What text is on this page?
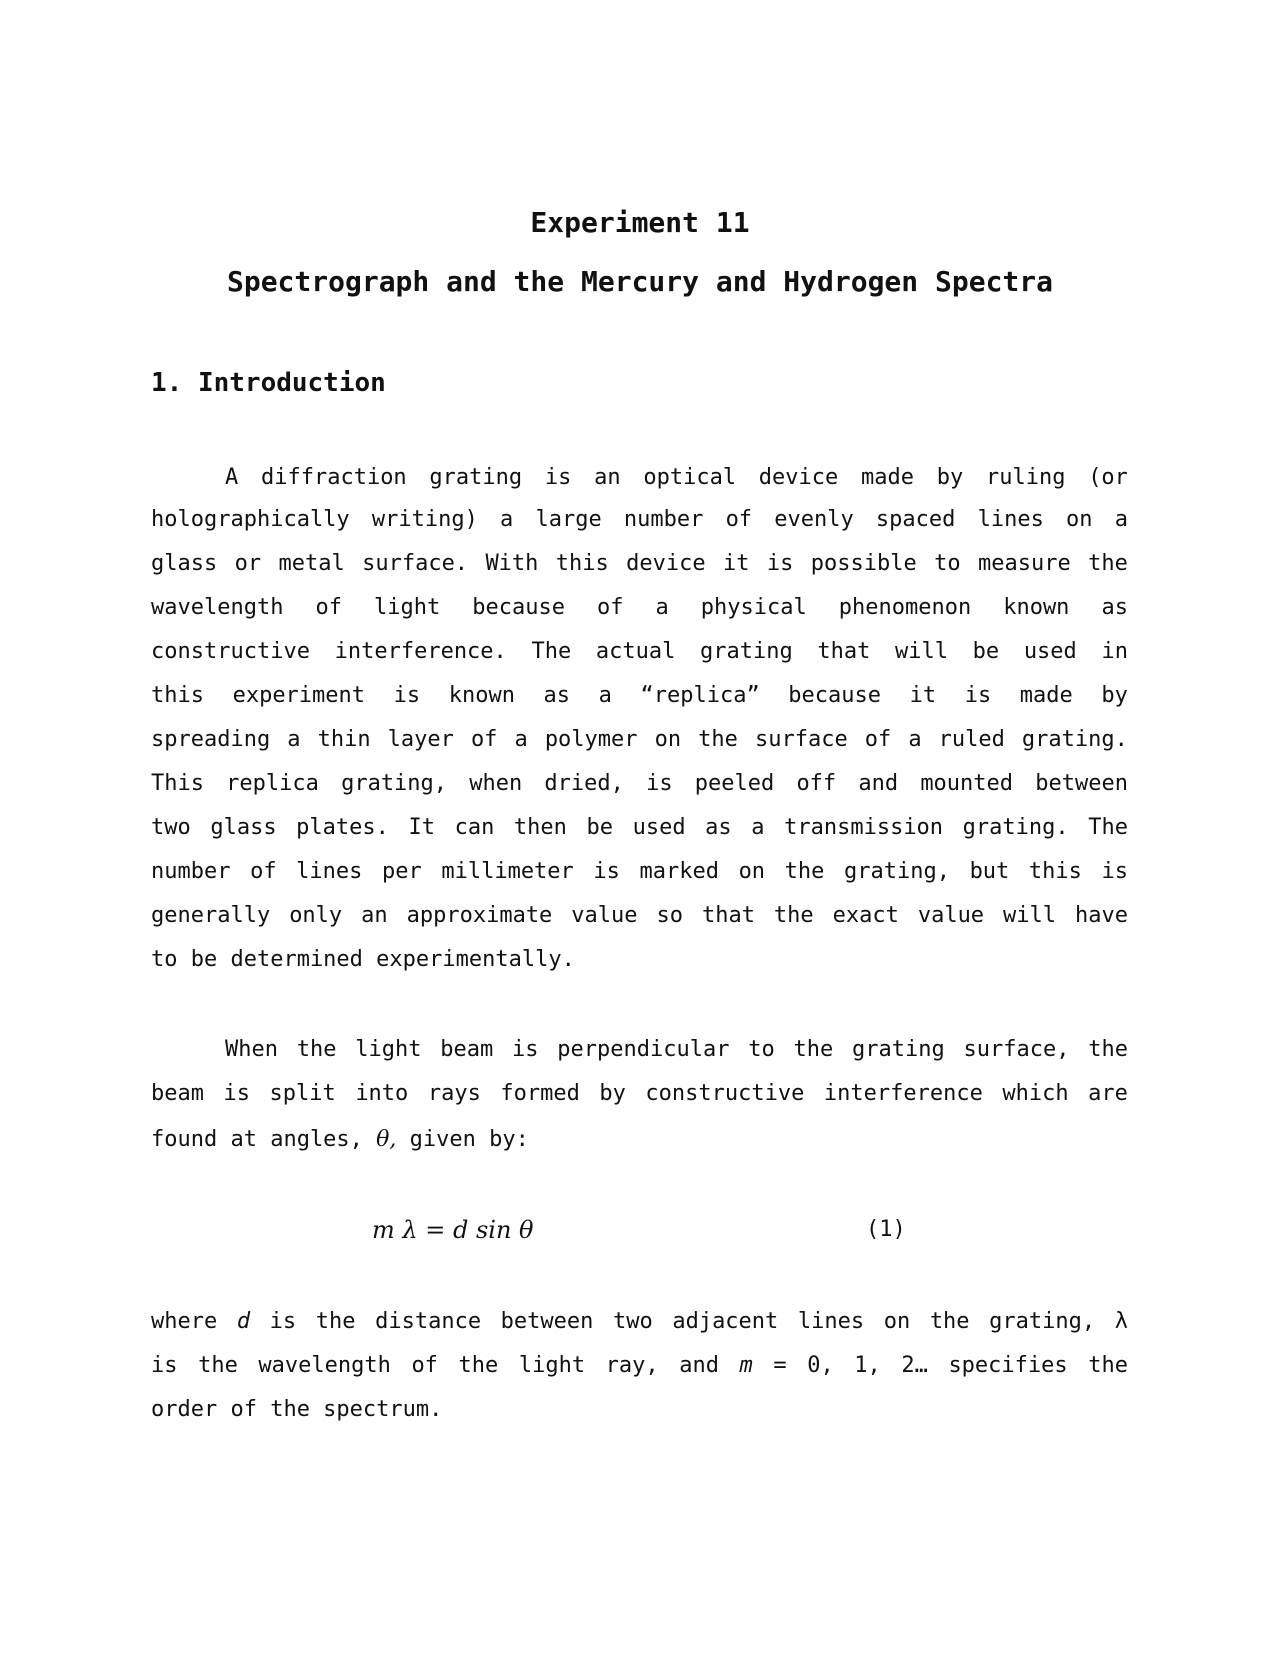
Experiment 11
Spectrograph and the Mercury and Hydrogen Spectra
1. Introduction
A diffraction grating is an optical device made by ruling (or
holographically writing) a large number of evenly spaced lines on a
glass or metal surface. With this device it is possible to measure the
wavelength of light because of a physical phenomenon known as
constructive interference. The actual grating that will be used in
this experiment is known as a “replica” because it is made by
spreading a thin layer of a polymer on the surface of a ruled grating.
This replica grating, when dried, is peeled off and mounted between
two glass plates. It can then be used as a transmission grating. The
number of lines per millimeter is marked on the grating, but this is
generally only an approximate value so that the exact value will have
to be determined experimentally.
When the light beam is perpendicular to the grating surface, the
beam is split into rays formed by constructive interference which are
found at angles, θ, given by:
m λ = d sin θ	(1)
where d is the distance between two adjacent lines on the grating, λ
is the wavelength of the light ray, and m = 0, 1, 2… specifies the
order of the spectrum.
